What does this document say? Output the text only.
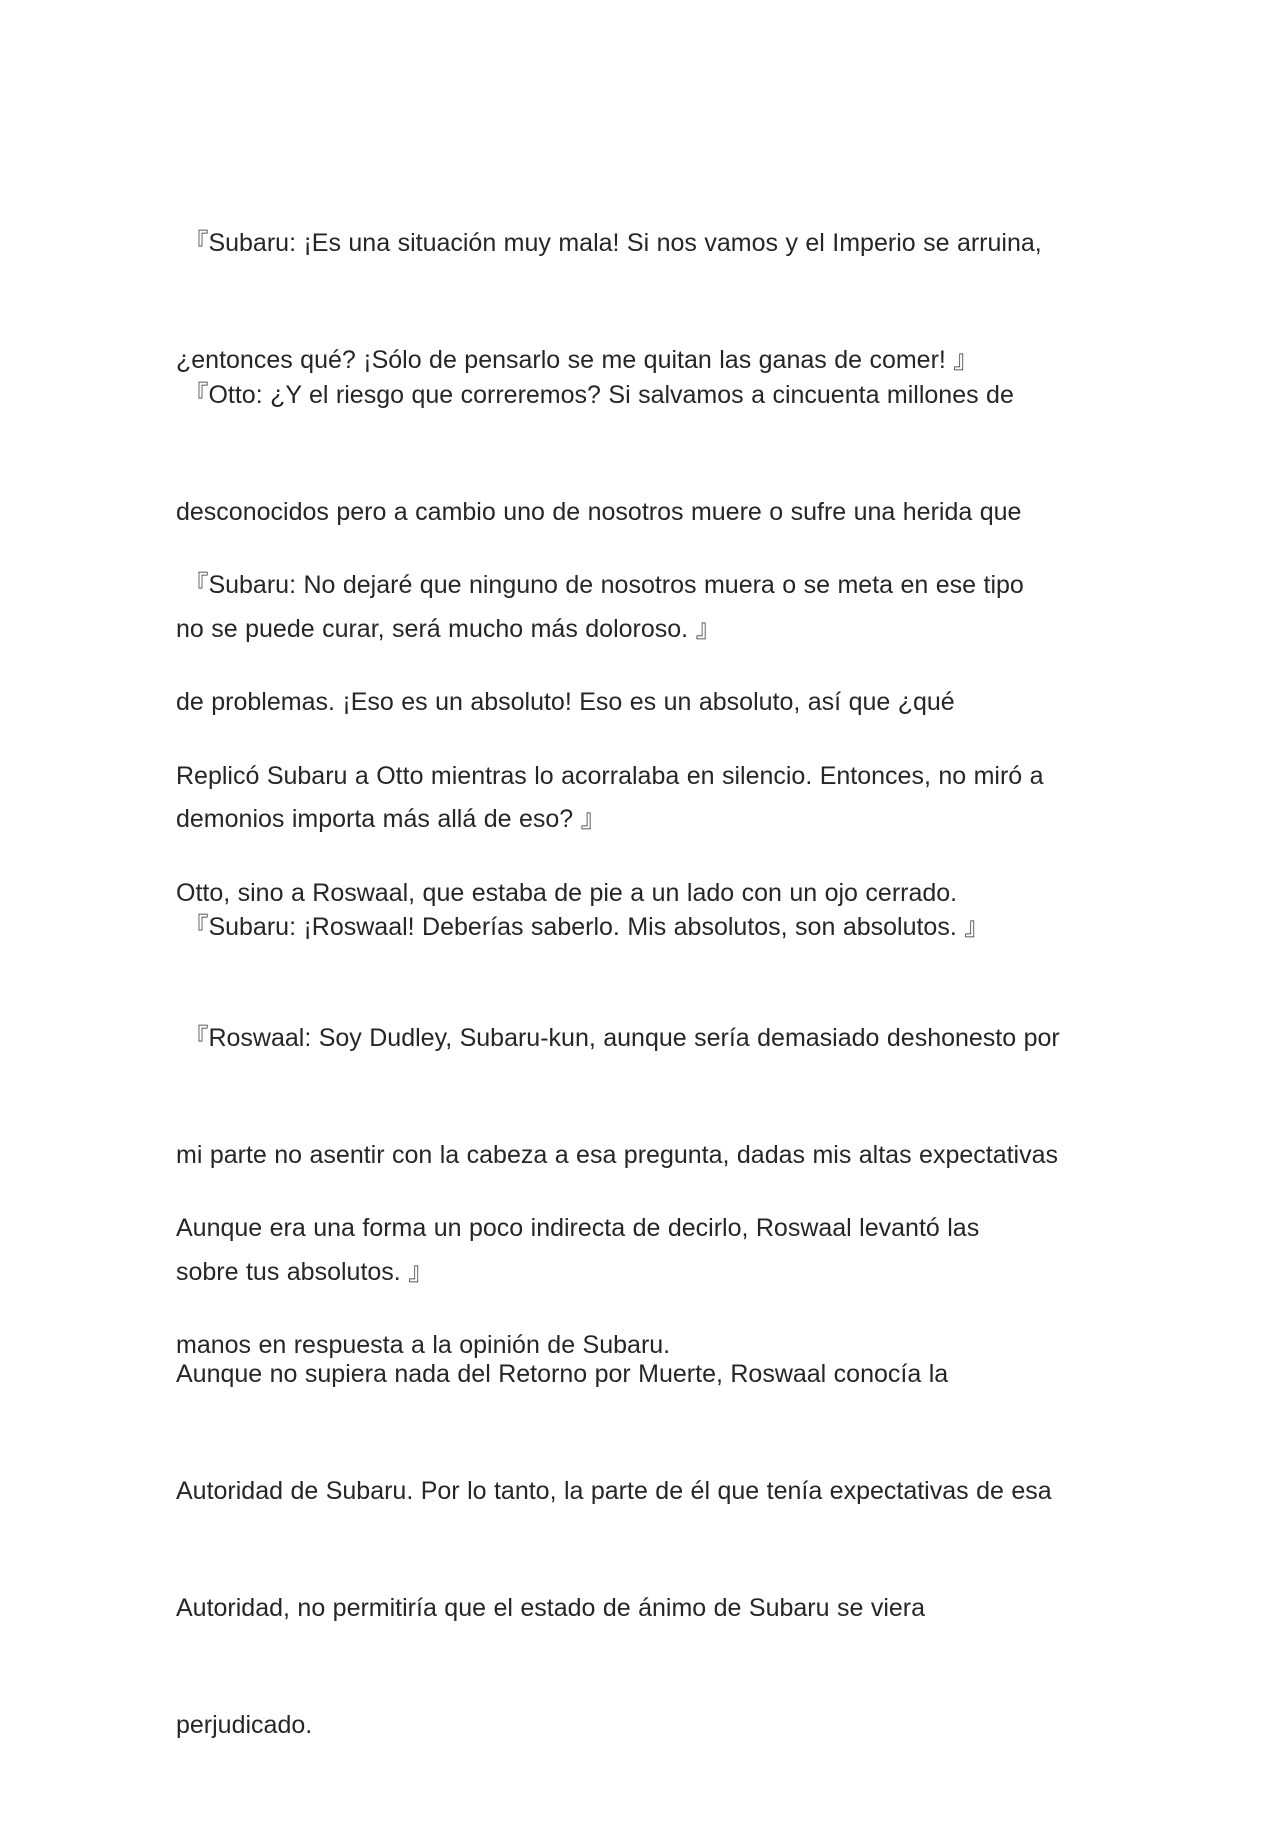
『Subaru: ¡Es una situación muy mala! Si nos vamos y el Imperio se arruina,

¿entonces qué? ¡Sólo de pensarlo se me quitan las ganas de comer! 』

『Otto: ¿Y el riesgo que correremos? Si salvamos a cincuenta millones de

desconocidos pero a cambio uno de nosotros muere o sufre una herida que

no se puede curar, será mucho más doloroso. 』

『Subaru: No dejaré que ninguno de nosotros muera o se meta en ese tipo

de problemas. ¡Eso es un absoluto! Eso es un absoluto, así que ¿qué

demonios importa más allá de eso? 』

Replicó Subaru a Otto mientras lo acorralaba en silencio. Entonces, no miró a

Otto, sino a Roswaal, que estaba de pie a un lado con un ojo cerrado.

『Subaru: ¡Roswaal! Deberías saberlo. Mis absolutos, son absolutos. 』

『Roswaal: Soy Dudley, Subaru-kun, aunque sería demasiado deshonesto por

mi parte no asentir con la cabeza a esa pregunta, dadas mis altas expectativas

sobre tus absolutos. 』

Aunque era una forma un poco indirecta de decirlo, Roswaal levantó las

manos en respuesta a la opinión de Subaru.

Aunque no supiera nada del Retorno por Muerte, Roswaal conocía la

Autoridad de Subaru. Por lo tanto, la parte de él que tenía expectativas de esa

Autoridad, no permitiría que el estado de ánimo de Subaru se viera

perjudicado.
